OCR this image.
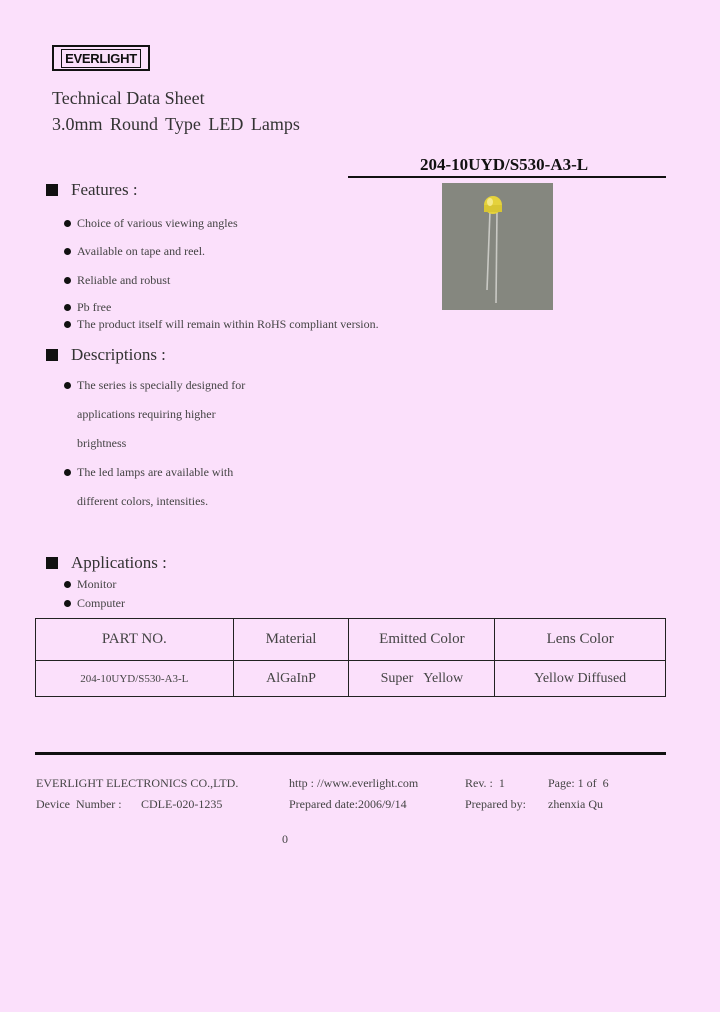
EVERLIGHT
Technical Data Sheet
3.0mm Round Type LED Lamps
204-10UYD/S530-A3-L
Features :
Choice of various viewing angles
Available on tape and reel.
Reliable and robust
Pb free
The product itself will remain within RoHS compliant version.
Descriptions :
The series is specially designed for
applications requiring higher
brightness
The led lamps are available with
different colors, intensities.
Applications :
Monitor
Computer
PART NO.	Material	Emitted Color	Lens Color
204-10UYD/S530-A3-L	AlGaInP	Super   Yellow	Yellow Diffused
EVERLIGHT ELECTRONICS CO.,LTD.	http : //www.everlight.com	Rev. :  1	Page: 1 of  6
Device  Number : CDLE-020-1235	Prepared date:2006/9/14	Prepared by: zhenxia Qu
0
